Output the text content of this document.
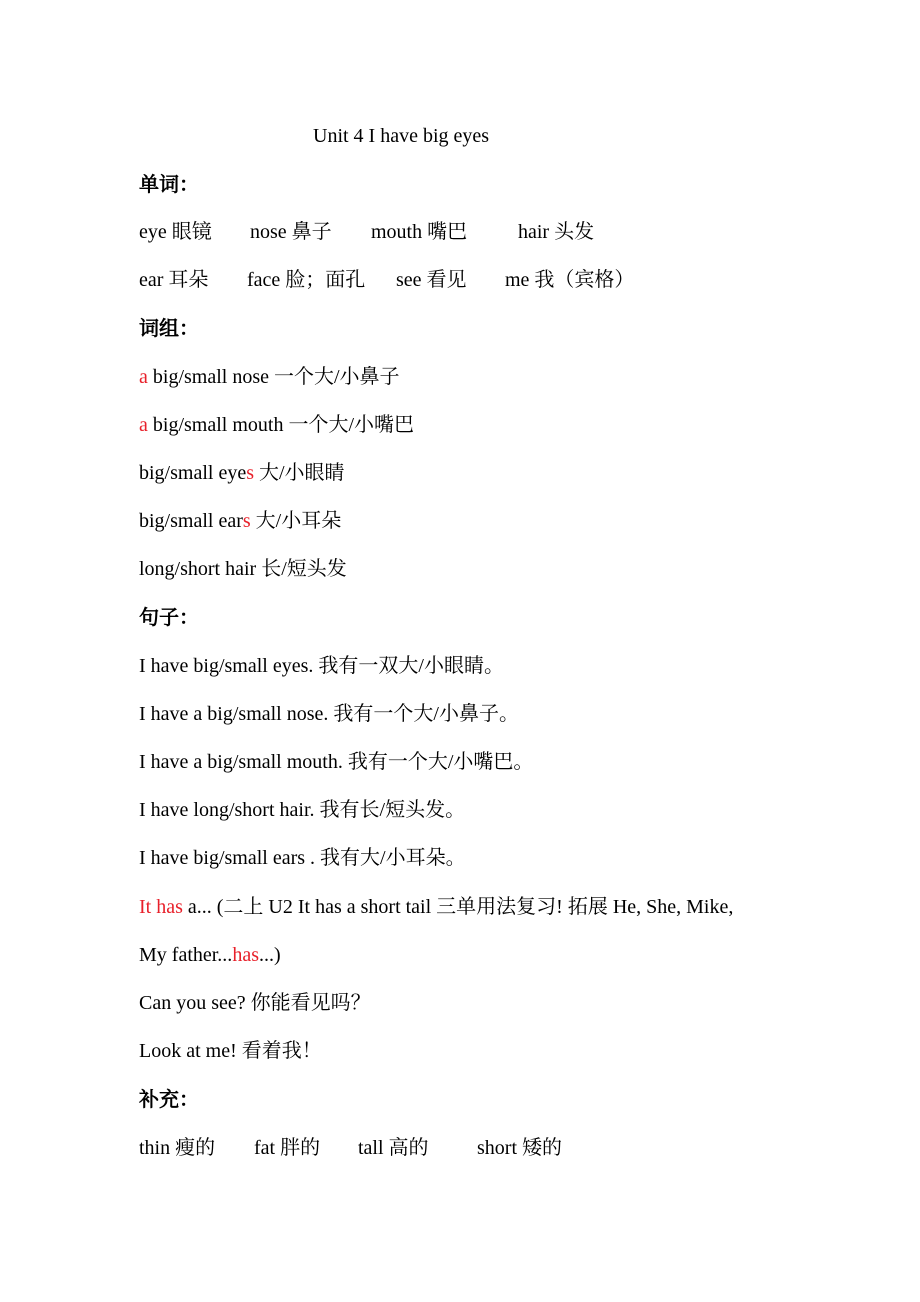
Unit 4 I have big eyes
单词：
eye 眼镜 nose 鼻子 mouth 嘴巴	hair 头发
ear 耳朵 face 脸；面孔 see 看见 me 我（宾格）
词组：
a big/small nose 一个大/小鼻子
a big/small mouth 一个大/小嘴巴
big/small eyes 大/小眼睛
big/small ears 大/小耳朵
long/short hair 长/短头发
句子：
I have big/small eyes. 我有一双大/小眼睛。
I have a big/small nose. 我有一个大/小鼻子。
I have a big/small mouth. 我有一个大/小嘴巴。
I have long/short hair. 我有长/短头发。
I have big/small ears . 我有大/小耳朵。
It has a... (二上 U2 It has a short tail 三单用法复习! 拓展 He, She, Mike,
My father...has...)
Can you see? 你能看见吗？
Look at me! 看着我！
补充：
thin 瘦的 fat 胖的 tall 高的 short 矮的
